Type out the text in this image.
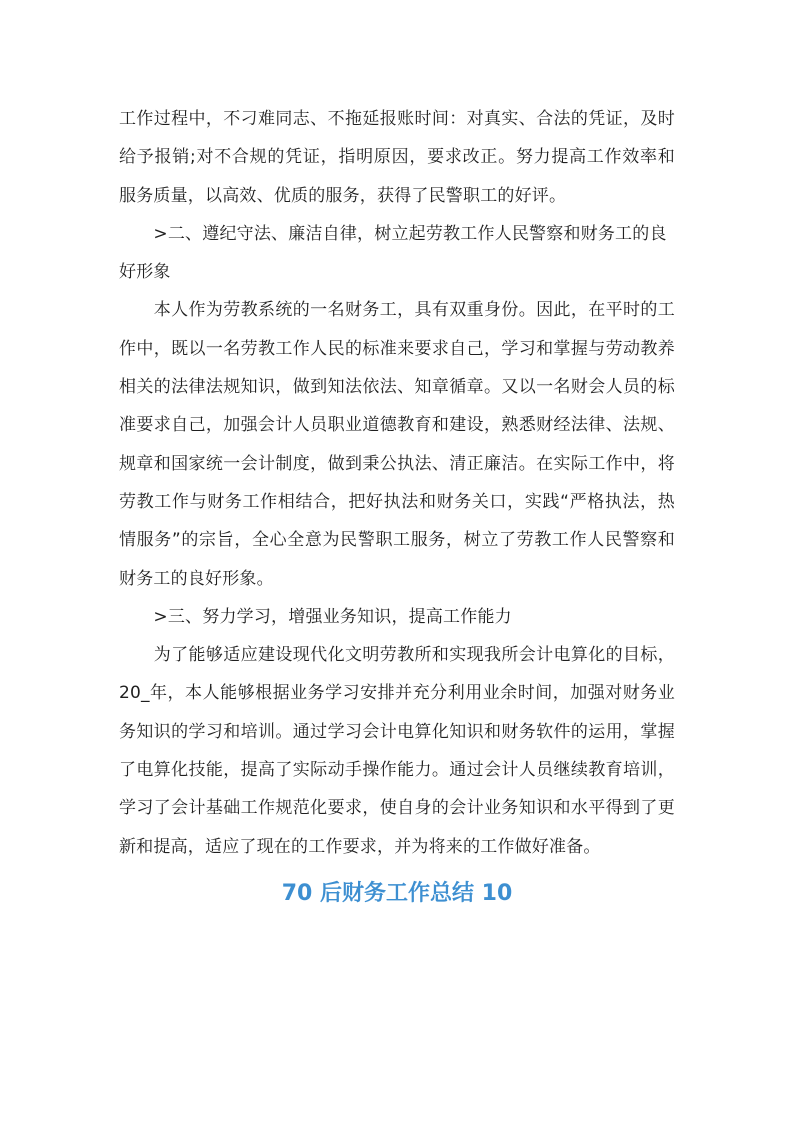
工作过程中，不刁难同志、不拖延报账时间：对真实、合法的凭证，及时给予报销;对不合规的凭证，指明原因，要求改正。努力提高工作效率和服务质量，以高效、优质的服务，获得了民警职工的好评。

　　>二、遵纪守法、廉洁自律，树立起劳教工作人民警察和财务工的良好形象

　　本人作为劳教系统的一名财务工，具有双重身份。因此，在平时的工作中，既以一名劳教工作人民的标准来要求自己，学习和掌握与劳动教养相关的法律法规知识，做到知法依法、知章循章。又以一名财会人员的标准要求自己，加强会计人员职业道德教育和建设，熟悉财经法律、法规、规章和国家统一会计制度，做到秉公执法、清正廉洁。在实际工作中，将劳教工作与财务工作相结合，把好执法和财务关口，实践“严格执法，热情服务”的宗旨，全心全意为民警职工服务，树立了劳教工作人民警察和财务工的良好形象。

　　>三、努力学习，增强业务知识，提高工作能力

　　为了能够适应建设现代化文明劳教所和实现我所会计电算化的目标，20_年，本人能够根据业务学习安排并充分利用业余时间，加强对财务业务知识的学习和培训。通过学习会计电算化知识和财务软件的运用，掌握了电算化技能，提高了实际动手操作能力。通过会计人员继续教育培训，学习了会计基础工作规范化要求，使自身的会计业务知识和水平得到了更新和提高，适应了现在的工作要求，并为将来的工作做好准备。

70 后财务工作总结 10
